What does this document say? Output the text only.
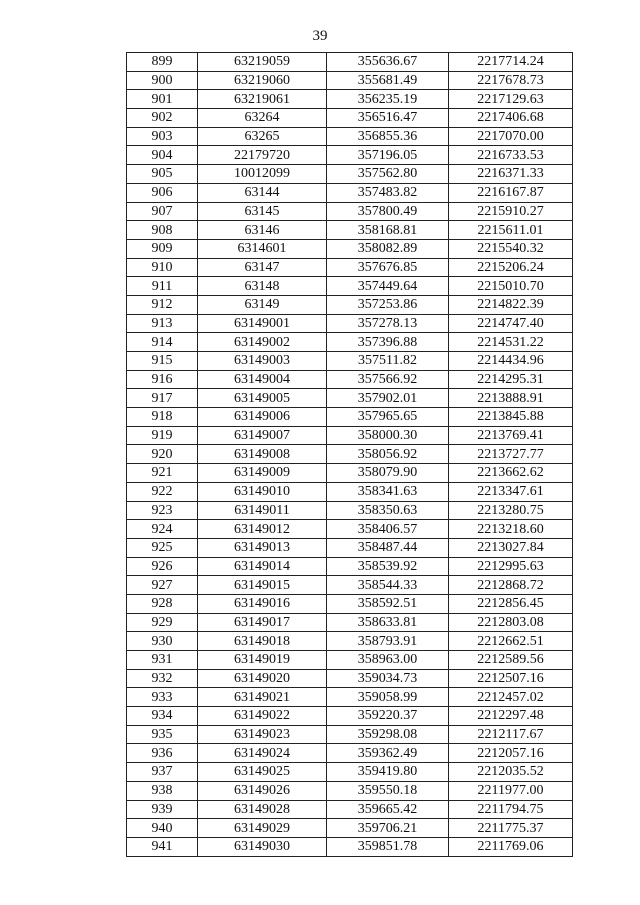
39
899	63219059	355636.67	2217714.24
900	63219060	355681.49	2217678.73
901	63219061	356235.19	2217129.63
902	63264	356516.47	2217406.68
903	63265	356855.36	2217070.00
904	22179720	357196.05	2216733.53
905	10012099	357562.80	2216371.33
906	63144	357483.82	2216167.87
907	63145	357800.49	2215910.27
908	63146	358168.81	2215611.01
909	6314601	358082.89	2215540.32
910	63147	357676.85	2215206.24
911	63148	357449.64	2215010.70
912	63149	357253.86	2214822.39
913	63149001	357278.13	2214747.40
914	63149002	357396.88	2214531.22
915	63149003	357511.82	2214434.96
916	63149004	357566.92	2214295.31
917	63149005	357902.01	2213888.91
918	63149006	357965.65	2213845.88
919	63149007	358000.30	2213769.41
920	63149008	358056.92	2213727.77
921	63149009	358079.90	2213662.62
922	63149010	358341.63	2213347.61
923	63149011	358350.63	2213280.75
924	63149012	358406.57	2213218.60
925	63149013	358487.44	2213027.84
926	63149014	358539.92	2212995.63
927	63149015	358544.33	2212868.72
928	63149016	358592.51	2212856.45
929	63149017	358633.81	2212803.08
930	63149018	358793.91	2212662.51
931	63149019	358963.00	2212589.56
932	63149020	359034.73	2212507.16
933	63149021	359058.99	2212457.02
934	63149022	359220.37	2212297.48
935	63149023	359298.08	2212117.67
936	63149024	359362.49	2212057.16
937	63149025	359419.80	2212035.52
938	63149026	359550.18	2211977.00
939	63149028	359665.42	2211794.75
940	63149029	359706.21	2211775.37
941	63149030	359851.78	2211769.06
